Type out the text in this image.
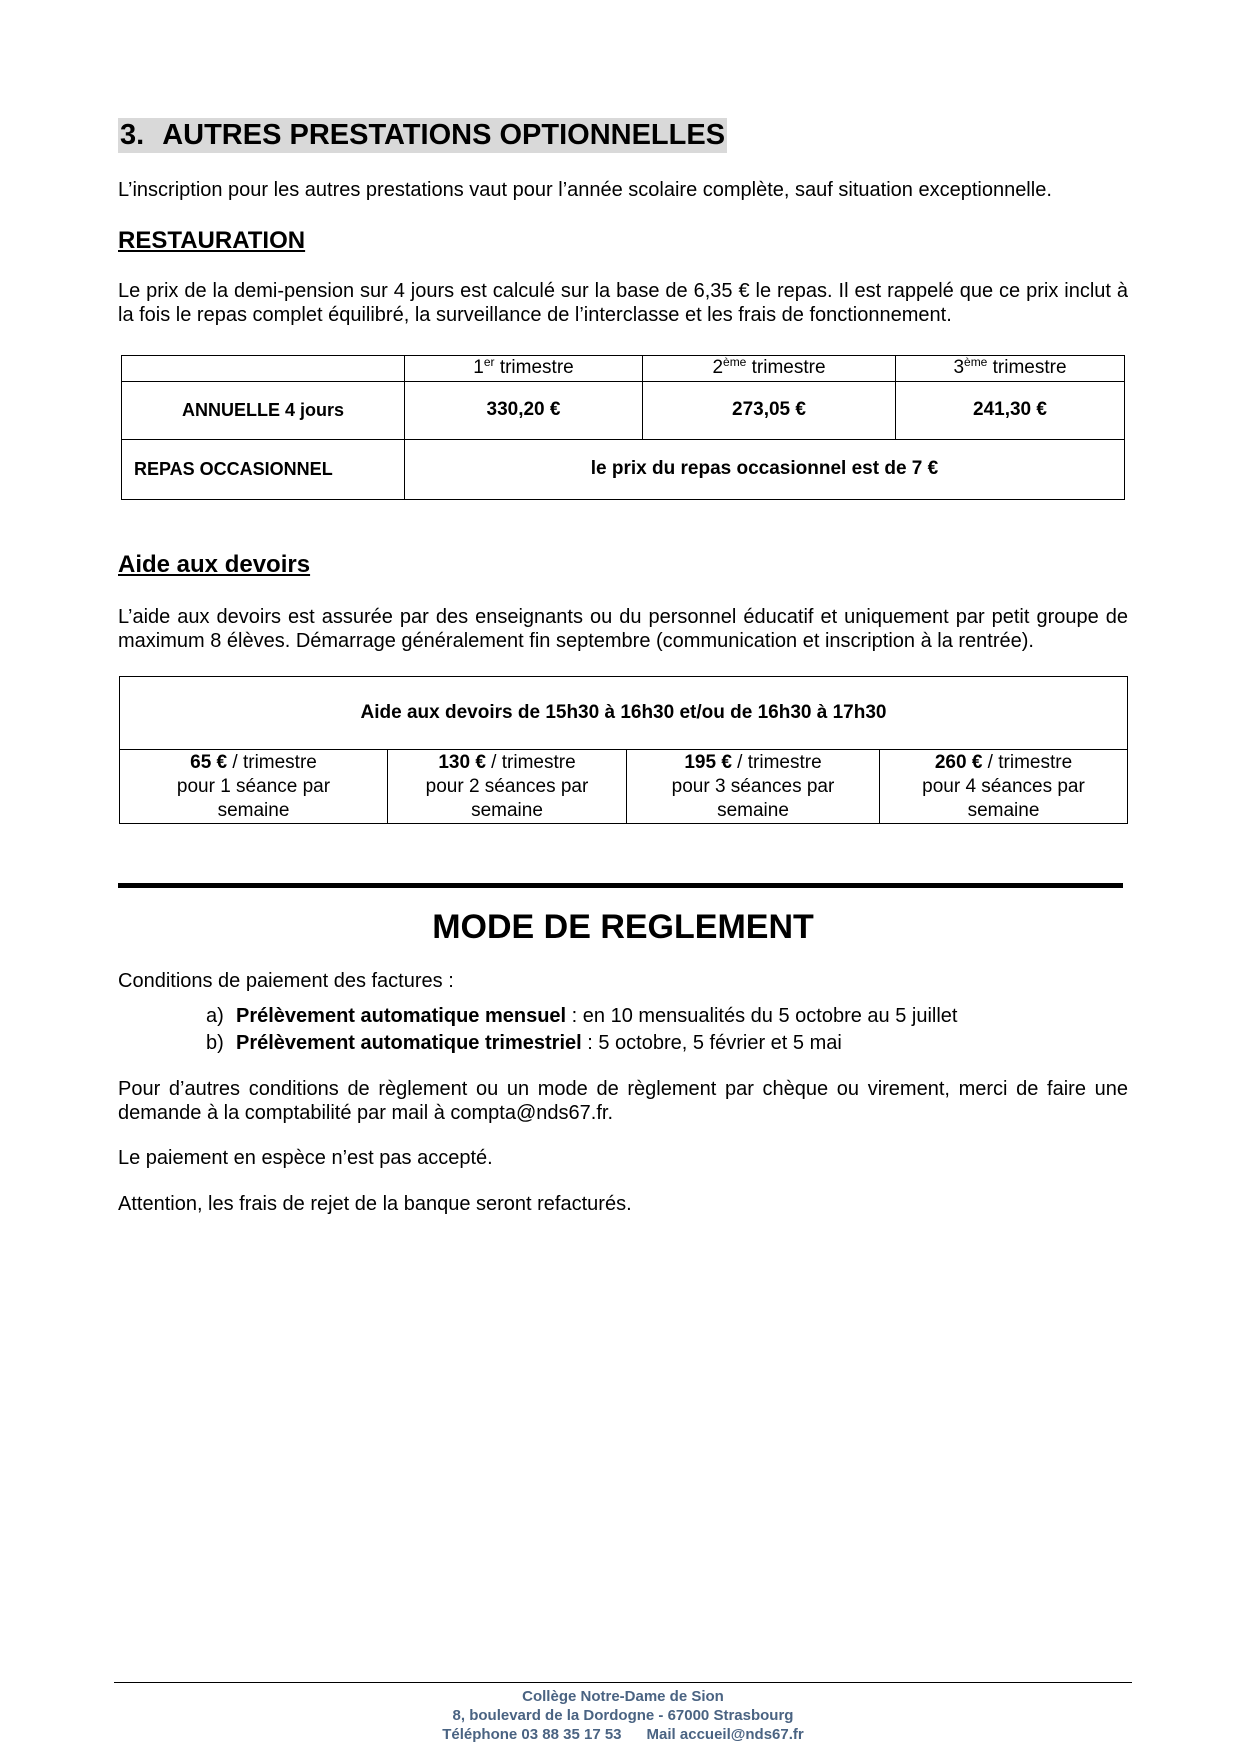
3. AUTRES PRESTATIONS OPTIONNELLES
L’inscription pour les autres prestations vaut pour l’année scolaire complète, sauf situation exceptionnelle.
RESTAURATION
Le prix de la demi-pension sur 4 jours est calculé sur la base de 6,35 € le repas. Il est rappelé que ce prix inclut à la fois le repas complet équilibré, la surveillance de l’interclasse et les frais de fonctionnement.
	1er trimestre	2ème trimestre	3ème trimestre
ANNUELLE 4 jours	330,20 €	273,05 €	241,30 €
REPAS OCCASIONNEL	le prix du repas occasionnel est de 7 €		
Aide aux devoirs
L’aide aux devoirs est assurée par des enseignants ou du personnel éducatif et uniquement par petit groupe de maximum 8 élèves. Démarrage généralement fin septembre (communication et inscription à la rentrée).
Aide aux devoirs de 15h30 à 16h30 et/ou de 16h30 à 17h30
65 € / trimestre
pour 1 séance par
semaine	130 € / trimestre
pour 2 séances par
semaine	195 € / trimestre
pour 3 séances par
semaine	260 € / trimestre
pour 4 séances par
semaine
MODE DE REGLEMENT
Conditions de paiement des factures :
a) Prélèvement automatique mensuel : en 10 mensualités du 5 octobre au 5 juillet
b) Prélèvement automatique trimestriel : 5 octobre, 5 février et 5 mai
Pour d’autres conditions de règlement ou un mode de règlement par chèque ou virement, merci de faire une demande à la comptabilité par mail à compta@nds67.fr.
Le paiement en espèce n’est pas accepté.
Attention, les frais de rejet de la banque seront refacturés.
Collège Notre-Dame de Sion
8, boulevard de la Dordogne - 67000 Strasbourg
Téléphone 03 88 35 17 53 Mail accueil@nds67.fr
